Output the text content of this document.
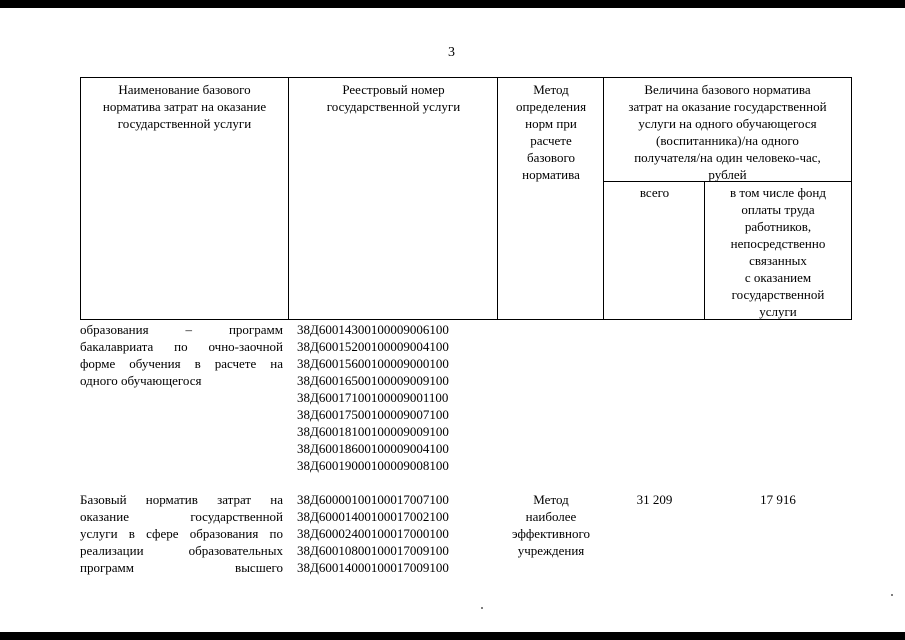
3
Наименование базового
норматива затрат на оказание
государственной услуги
Реестровый номер
государственной услуги
Метод
определения
норм при
расчете
базового
норматива
Величина базового норматива
затрат на оказание государственной
услуги на одного обучающегося
(воспитанника)/на одного
получателя/на один человеко-час,
рублей
всего	в том числе фонд
оплаты труда
работников,
непосредственно
связанных
с оказанием
государственной
услуги
образования – программ
бакалавриата по очно-заочной
форме обучения в расчете на
одного обучающегося
38Д60014300100009006100
38Д60015200100009004100
38Д60015600100009000100
38Д60016500100009009100
38Д60017100100009001100
38Д60017500100009007100
38Д60018100100009009100
38Д60018600100009004100
38Д60019000100009008100
Базовый норматив затрат на
оказание государственной
услуги в сфере образования по
реализации образовательных
программ высшего
38Д60000100100017007100
38Д60001400100017002100
38Д60002400100017000100
38Д60010800100017009100
38Д60014000100017009100
Метод
наиболее
эффективного
учреждения
31 209	17 916
